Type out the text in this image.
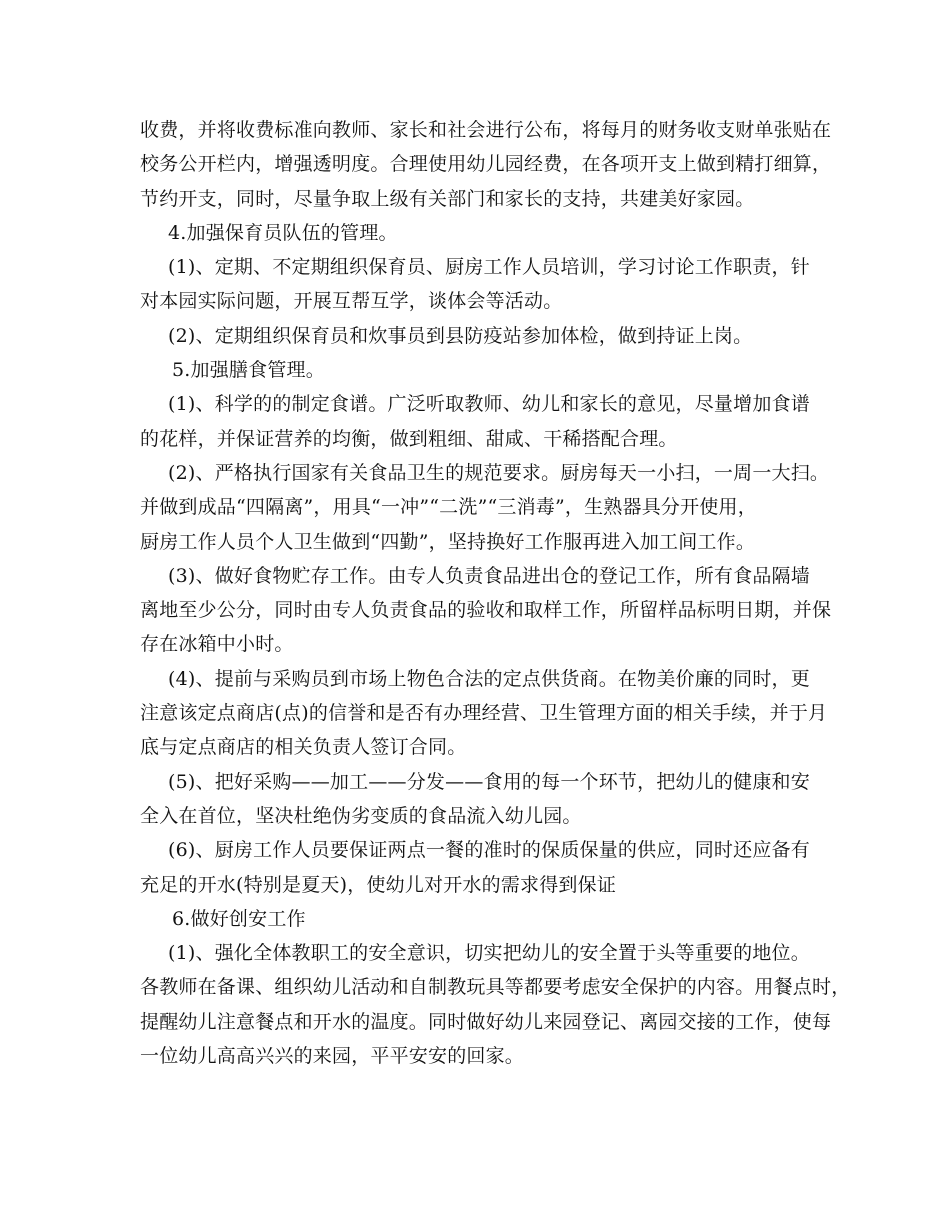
收费，并将收费标准向教师、家长和社会进行公布，将每月的财务收支财单张贴在
校务公开栏内，增强透明度。合理使用幼儿园经费，在各项开支上做到精打细算，
节约开支，同时，尽量争取上级有关部门和家长的支持，共建美好家园。
4.加强保育员队伍的管理。
(1)、定期、不定期组织保育员、厨房工作人员培训，学习讨论工作职责，针
对本园实际问题，开展互帮互学，谈体会等活动。
(2)、定期组织保育员和炊事员到县防疫站参加体检，做到持证上岗。
5.加强膳食管理。
(1)、科学的的制定食谱。广泛听取教师、幼儿和家长的意见，尽量增加食谱
的花样，并保证营养的均衡，做到粗细、甜咸、干稀搭配合理。
(2)、严格执行国家有关食品卫生的规范要求。厨房每天一小扫，一周一大扫。
并做到成品“四隔离”，用具“一冲”“二洗”“三消毒”，生熟器具分开使用，
厨房工作人员个人卫生做到“四勤”，坚持换好工作服再进入加工间工作。
(3)、做好食物贮存工作。由专人负责食品进出仓的登记工作，所有食品隔墙
离地至少公分，同时由专人负责食品的验收和取样工作，所留样品标明日期，并保
存在冰箱中小时。
(4)、提前与采购员到市场上物色合法的定点供货商。在物美价廉的同时，更
注意该定点商店(点)的信誉和是否有办理经营、卫生管理方面的相关手续，并于月
底与定点商店的相关负责人签订合同。
(5)、把好采购——加工——分发——食用的每一个环节，把幼儿的健康和安
全入在首位，坚决杜绝伪劣变质的食品流入幼儿园。
(6)、厨房工作人员要保证两点一餐的准时的保质保量的供应，同时还应备有
充足的开水(特别是夏天)，使幼儿对开水的需求得到保证
6.做好创安工作
(1)、强化全体教职工的安全意识，切实把幼儿的安全置于头等重要的地位。
各教师在备课、组织幼儿活动和自制教玩具等都要考虑安全保护的内容。用餐点时，
提醒幼儿注意餐点和开水的温度。同时做好幼儿来园登记、离园交接的工作，使每
一位幼儿高高兴兴的来园，平平安安的回家。
